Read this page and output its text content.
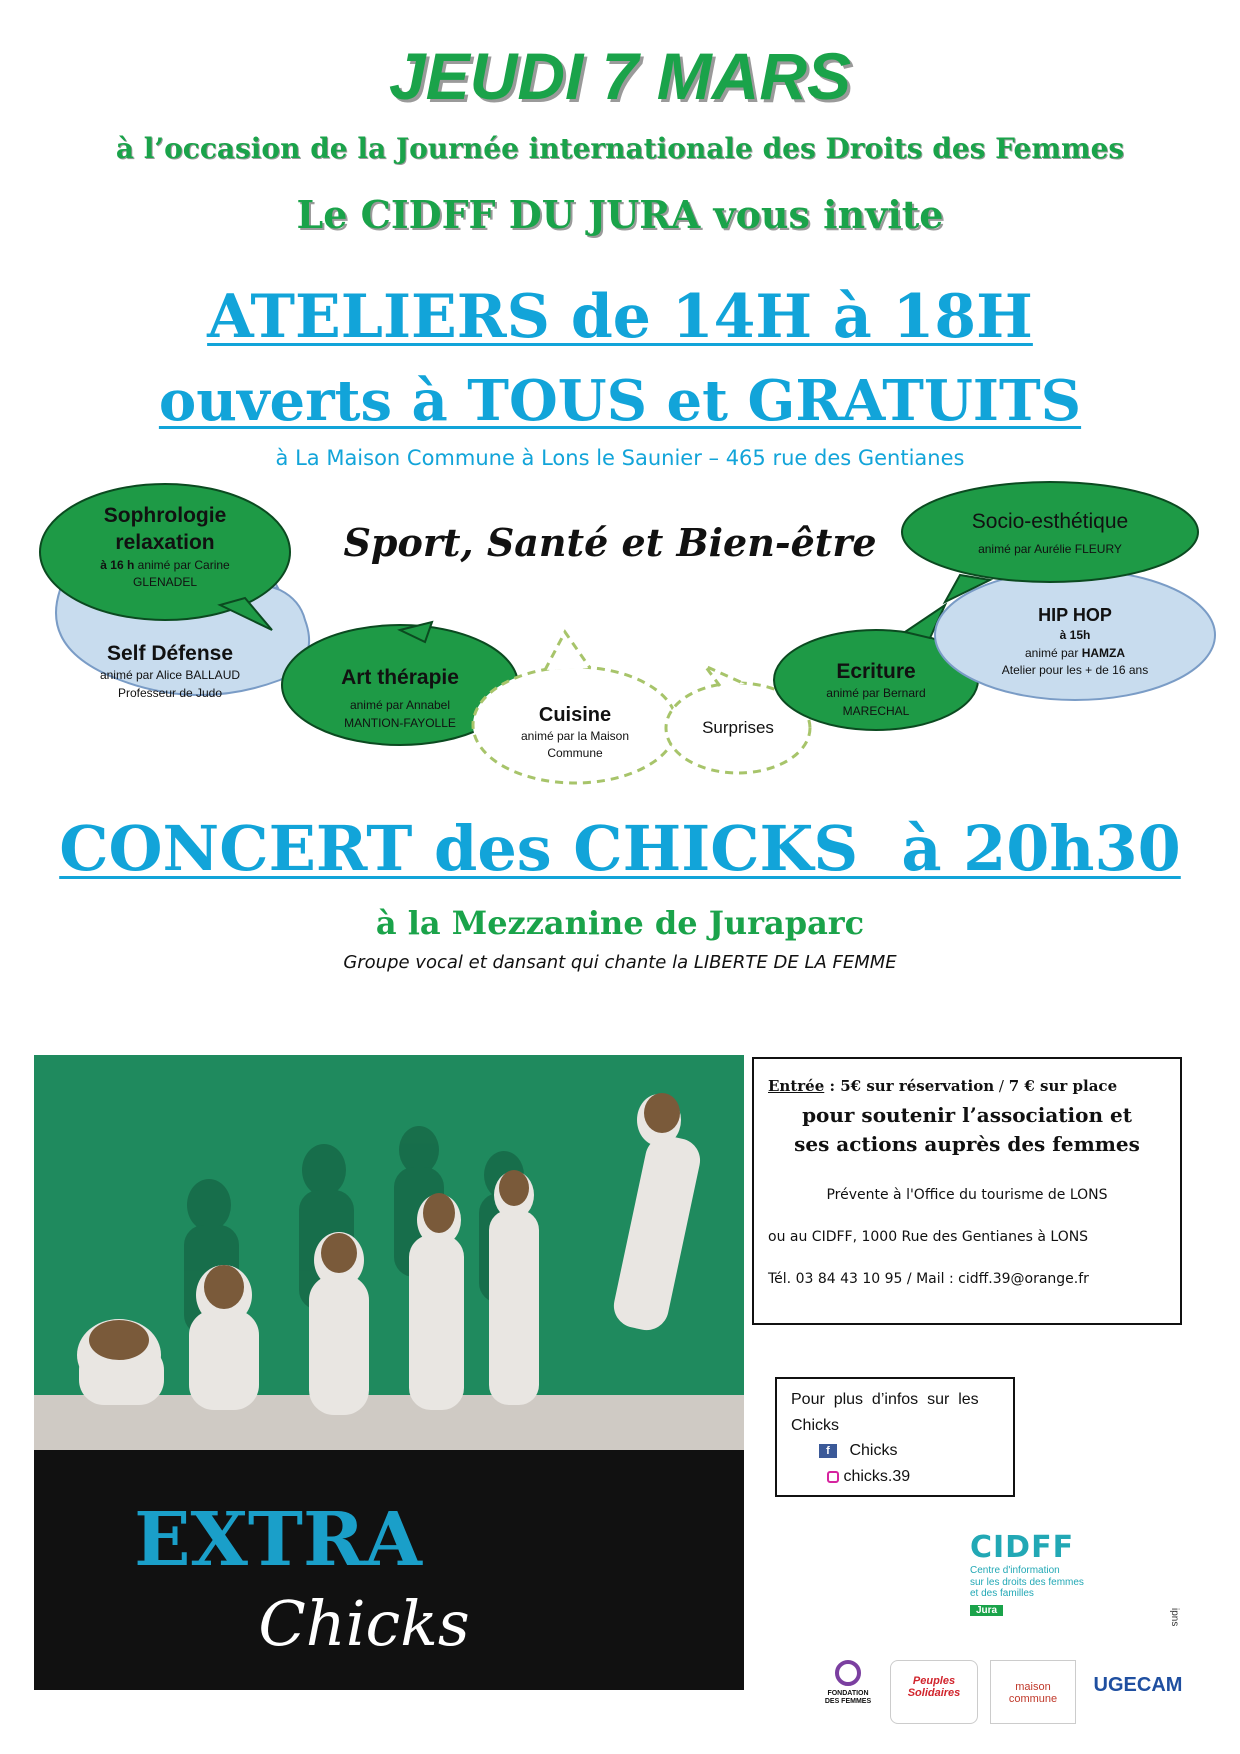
JEUDI 7 MARS
à l’occasion de la Journée internationale des Droits des Femmes
Le CIDFF DU JURA vous invite
ATELIERS de 14H à 18H
ouverts à TOUS et GRATUITS
à La Maison Commune à Lons le Saunier – 465 rue des Gentianes
Sport, Santé et Bien-être
Sophrologie
relaxation
à 16 h animé par Carine
GLENADEL
Self Défense
animé par Alice BALLAUD
Professeur de Judo
Art thérapie
animé par Annabel
MANTION-FAYOLLE	Cuisine
animé par la Maison
Commune
Surprises
Ecriture
animé par Bernard
MARECHAL
Socio-esthétique
animé par Aurélie FLEURY
HIP HOP
à 15h
animé par HAMZA
Atelier pour les + de 16 ans
CONCERT des CHICKS  à 20h30
à la Mezzanine de Juraparc
Groupe vocal et dansant qui chante la LIBERTE DE LA FEMME
EXTRA
Chicks
Entrée : 5€ sur réservation / 7 € sur place
pour soutenir l’association et
ses actions auprès des femmes
Prévente à l'Office du tourisme de LONS
ou au CIDFF, 1000 Rue des Gentianes à LONS
Tél. 03 84 43 10 95 / Mail : cidff.39@orange.fr
Pour  plus  d’infos  sur  les
Chicks
f Chicks
chicks.39
CIDFF
Centre d'information
sur les droits des femmes
et des familles
Jura	ipns
FONDATION DES FEMMES
Peuples Solidaires	maison commune
UGECAM
